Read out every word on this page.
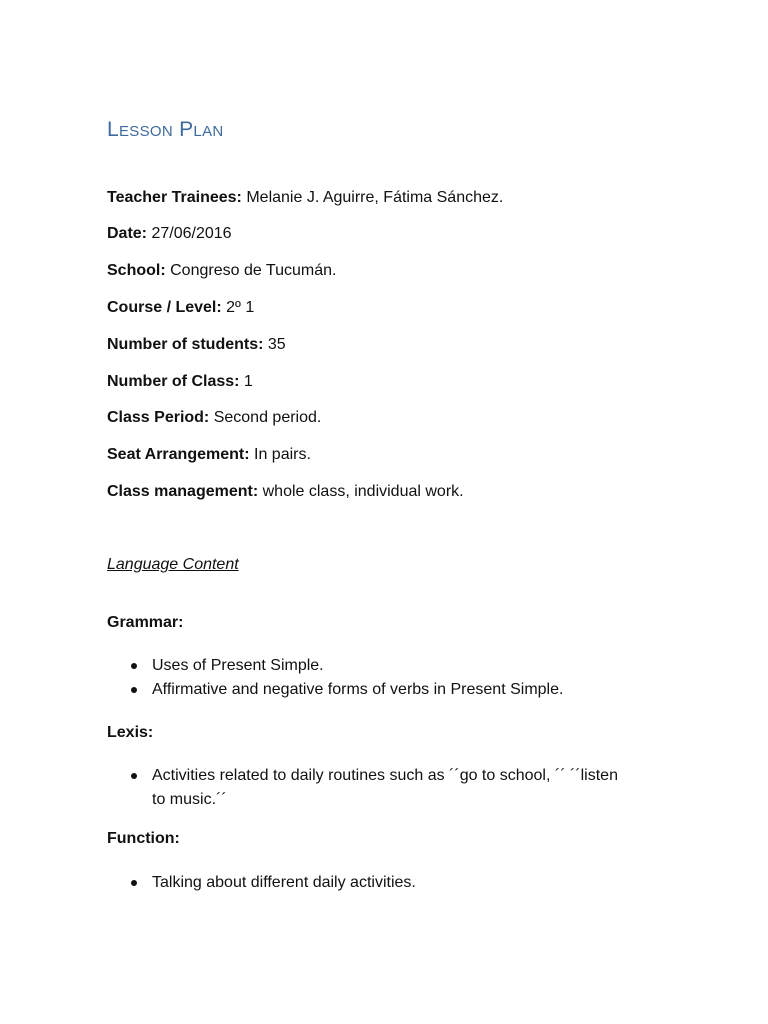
Lesson Plan
Teacher Trainees: Melanie J. Aguirre, Fátima Sánchez.
Date: 27/06/2016
School: Congreso de Tucumán.
Course / Level: 2º 1
Number of students: 35
Number of Class: 1
Class Period: Second period.
Seat Arrangement: In pairs.
Class management: whole class, individual work.
Language Content
Grammar:
Uses of Present Simple.
Affirmative and negative forms of verbs in Present Simple.
Lexis:
Activities related to daily routines such as ´´go to school, ´´ ´´listen to music.´´
Function:
Talking about different daily activities.
